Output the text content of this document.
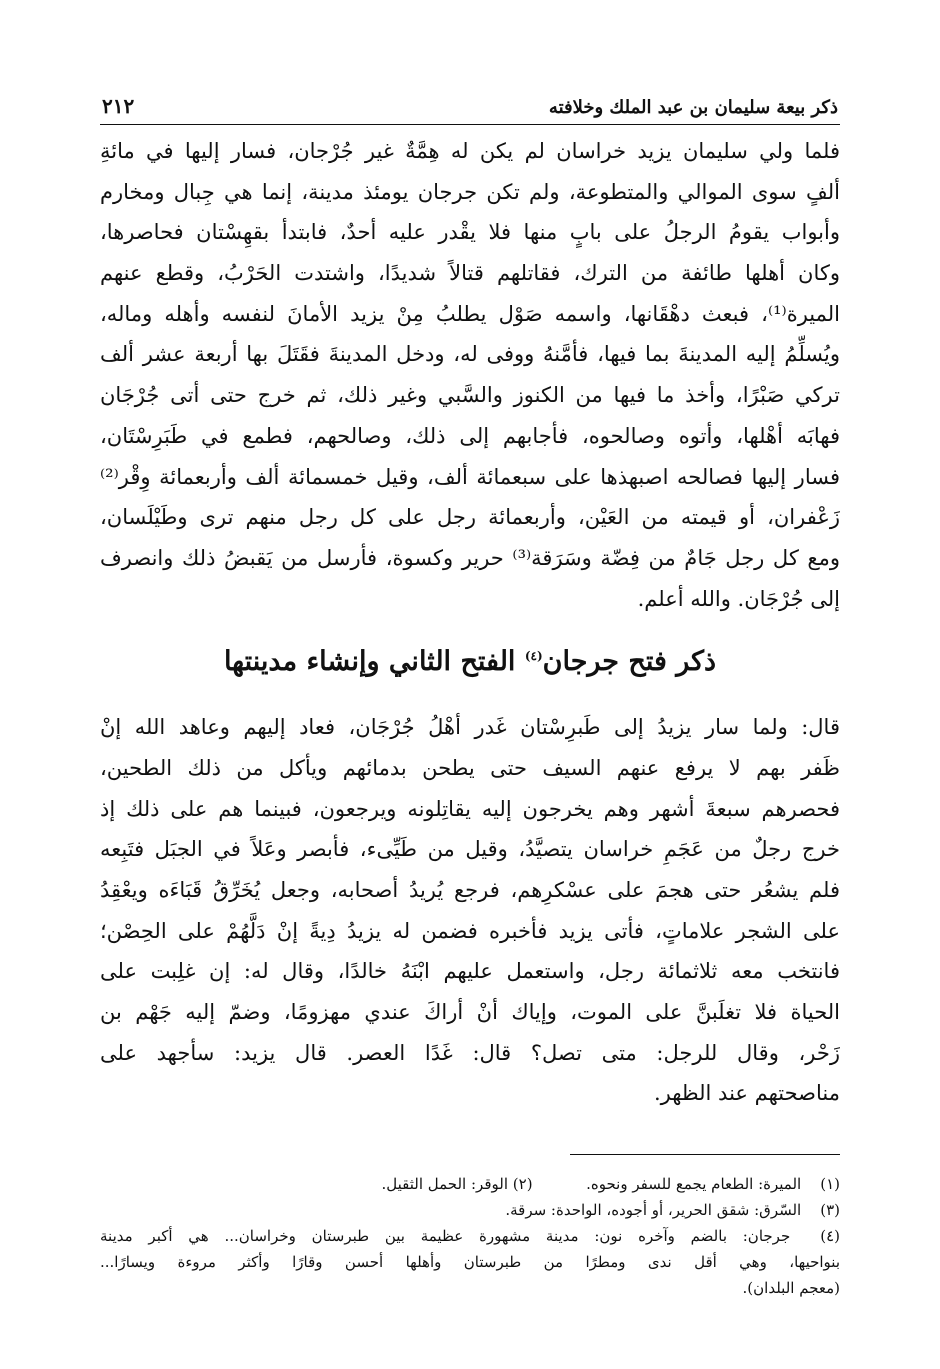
ذكر بيعة سليمان بن عبد الملك وخلافته
٢١٢
فلما ولي سليمان يزيد خراسان لم يكن له هِمَّةٌ غير جُرْجان، فسار إليها في مائةِ
ألفٍ سوى الموالي والمتطوعة، ولم تكن جرجان يومئذ مدينة، إنما هي جِبال ومخارم
وأبواب يقومُ الرجلُ على بابٍ منها فلا يقْدر عليه أحدٌ، فابتدأ بقهِسْتان فحاصرها،
وكان أهلها طائفة من الترك، فقاتلهم قتالاً شديدًا، واشتدت الحَرْبُ، وقطع عنهم
الميرة⁽¹⁾، فبعث دهْقَانها، واسمه صَوْل يطلبُ مِنْ يزيد الأمانَ لنفسه وأهله وماله،
ويُسلِّمُ إليه المدينةَ بما فيها، فأمَّنهُ ووفى له، ودخل المدينةَ فقَتَلَ بها أربعة عشر ألف
تركي صَبْرًا، وأخذ ما فيها من الكنوز والسَّبي وغير ذلك، ثم خرج حتى أتى جُرْجَان
فهابَه أهْلها، وأتوه وصالحوه، فأجابهم إلى ذلك، وصالحهم، فطمع في طَبَرِسْتَان،
فسار إليها فصالحه اصبهذها على سبعمائة ألف، وقيل خمسمائة ألف وأربعمائة وِقْر⁽²⁾
زَعْفران، أو قيمته من العَيْن، وأربعمائة رجل على كل رجل منهم ترى وطَيْلَسان،
ومع كل رجل جَامٌ من فِضّة وسَرَقة⁽³⁾ حرير وكسوة، فأرسل من يَقبضُ ذلك وانصرف
إلى جُرْجَان. والله أعلم.
ذكر فتح جرجان$^{(٤)}$ الفتح الثاني وإنشاء مدينتها
قال: ولما سار يزيدُ إلى طَبرِسْتان غَدر أهْلُ جُرْجَان، فعاد إليهم وعاهد الله إنْ
ظَفر بهم لا يرفع عنهم السيف حتى يطحن بدمائهم ويأكل من ذلك الطحين،
فحصرهم سبعةَ أشهر وهم يخرجون إليه يقاتِلونه ويرجعون، فبينما هم على ذلك إذ
خرج رجلٌ من عَجَمِ خراسان يتصيَّدُ، وقيل من طَيِّىء، فأبصر وعَلاً في الجبَل فتَبِعه
فلم يشعُر حتى هجمَ على عسْكرِهم، فرجع يُريدُ أصحابه، وجعل يُخَرِّقُ قَبَاءَه ويعْقِدُ
على الشجر علاماتٍ، فأتى يزيد فأخبره فضمن له يزيدُ دِيةً إنْ دَلَّهُمْ على الحِصْن؛
فانتخب معه ثلاثمائة رجل، واستعمل عليهم ابْنَهُ خالدًا، وقال له: إن غلِبت على
الحياة فلا تغلَبنَّ على الموت، وإياك أنْ أراكَ عندي مهزومًا، وضمّ إليه جَهْم بن
زَحْر، وقال للرجل: متى تصل؟ قال: غَدًا العصر. قال يزيد: سأجهد على
مناصحتهم عند الظهر.
(١) الميرة: الطعام يجمع للسفر ونحوه.  (٢) الوقر: الحمل الثقيل.
(٣) السّرق: شقق الحرير، أو أجوده، الواحدة: سرقة.
(٤) جرجان: بالضم وآخره نون: مدينة مشهورة عظيمة بين طبرستان وخراسان... هي أكبر مدينة
بنواحيها، وهي أقل ندى ومطرًا من طبرستان وأهلها أحسن وقارًا وأكثر مروءة ويسارًا...
(معجم البلدان).
